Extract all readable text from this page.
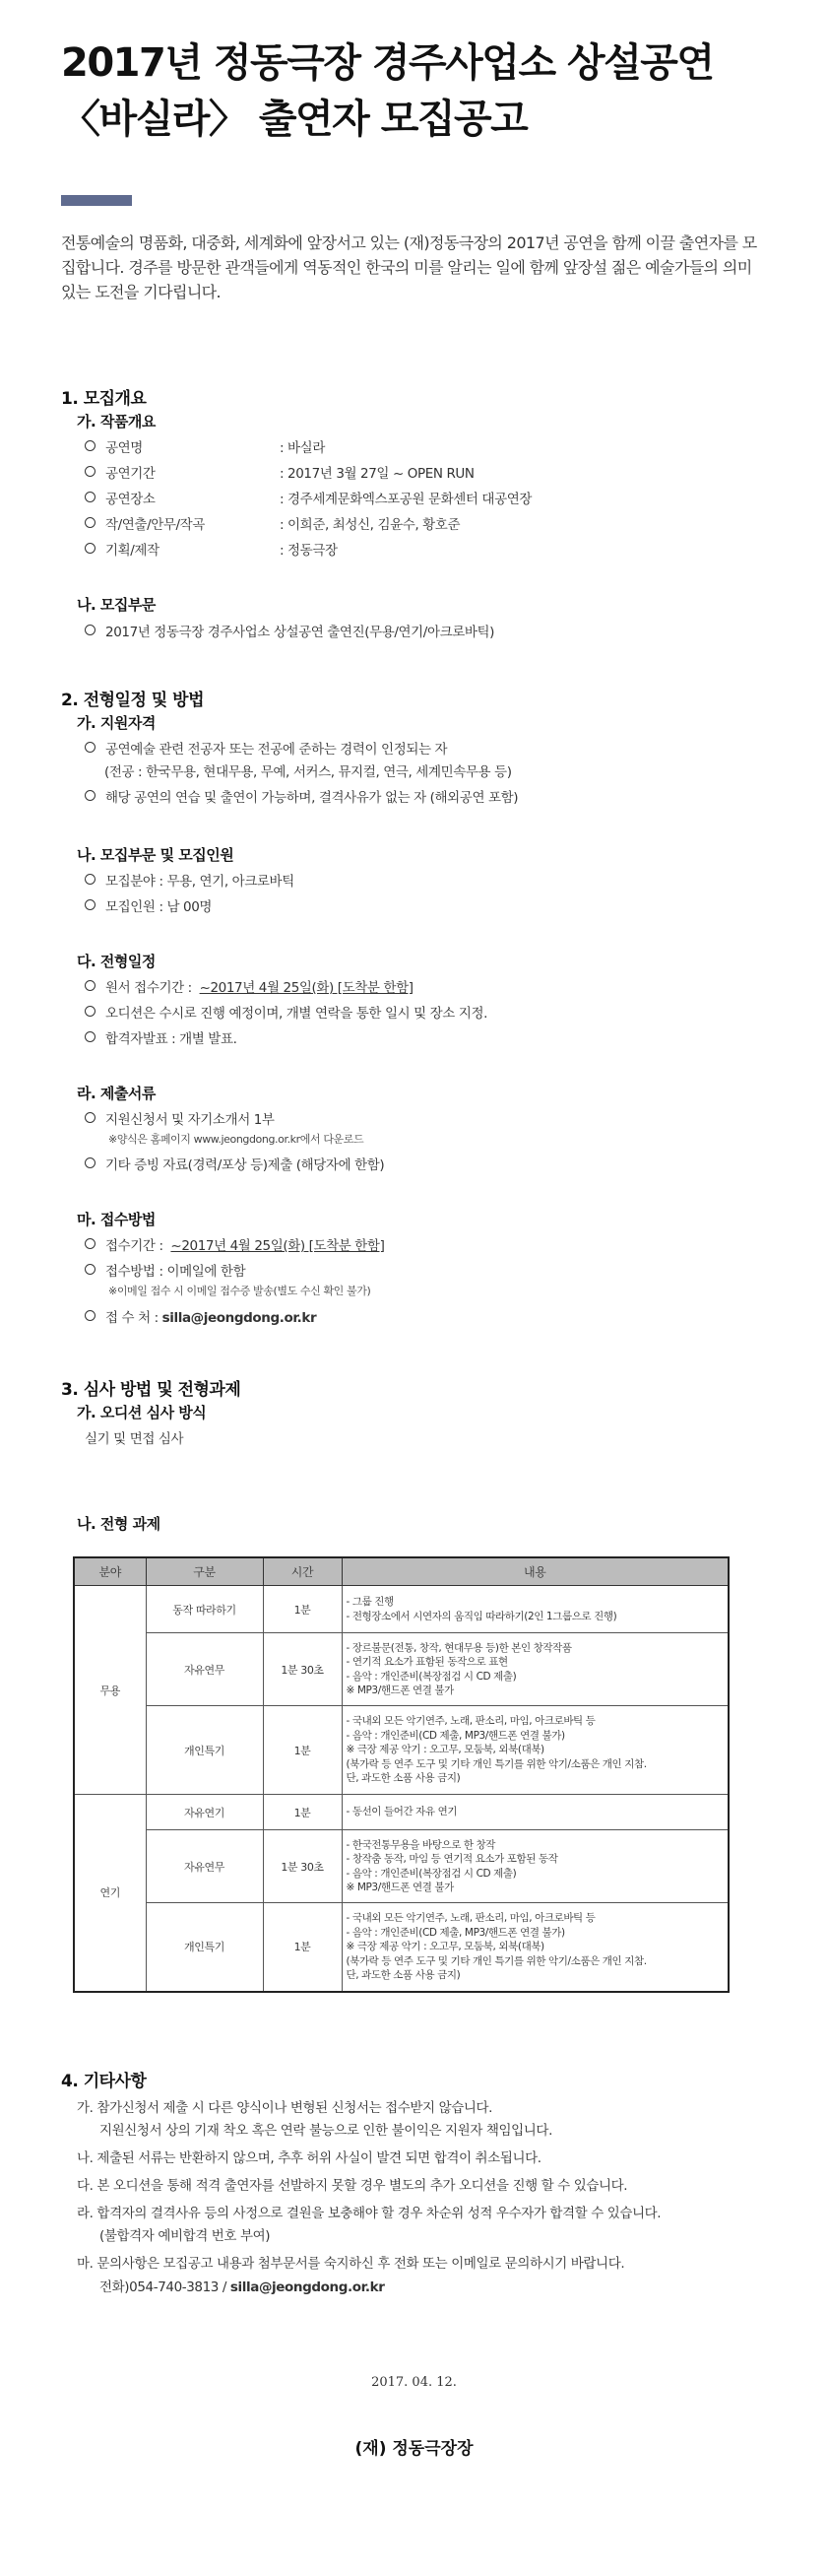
2017년 정동극장 경주사업소 상설공연
〈바실라〉 출연자 모집공고
전통예술의 명품화, 대중화, 세계화에 앞장서고 있는 (재)정동극장의 2017년 공연을 함께 이끌 출연자를 모집합니다. 경주를 방문한 관객들에게 역동적인 한국의 미를 알리는 일에 함께 앞장설 젊은 예술가들의 의미 있는 도전을 기다립니다.
1. 모집개요
가. 작품개요
공연명	: 바실라
공연기간	: 2017년 3월 27일 ~ OPEN RUN
공연장소	: 경주세계문화엑스포공원 문화센터 대공연장
작/연출/안무/작곡	: 이희준, 최성신, 김윤수, 황호준
기획/제작	: 정동극장
나. 모집부문
2017년 정동극장 경주사업소 상설공연 출연진(무용/연기/아크로바틱)
2. 전형일정 및 방법
가. 지원자격
공연예술 관련 전공자 또는 전공에 준하는 경력이 인정되는 자
(전공 : 한국무용, 현대무용, 무예, 서커스, 뮤지컬, 연극, 세계민속무용 등)
해당 공연의 연습 및 출연이 가능하며, 결격사유가 없는 자 (해외공연 포함)
나. 모집부문 및 모집인원
모집분야 : 무용, 연기, 아크로바틱
모집인원 : 남 00명
다. 전형일정
원서 접수기간 : ~2017년 4월 25일(화) [도착분 한함]
오디션은 수시로 진행 예정이며, 개별 연락을 통한 일시 및 장소 지정.
합격자발표 : 개별 발표.
라. 제출서류
지원신청서 및 자기소개서 1부
※양식은 홈페이지 www.jeongdong.or.kr에서 다운로드
기타 증빙 자료(경력/포상 등)제출 (해당자에 한함)
마. 접수방법
접수기간 : ~2017년 4월 25일(화) [도착분 한함]
접수방법 : 이메일에 한함
※이메일 접수 시 이메일 접수증 발송(별도 수신 확인 불가)
접 수 처 : silla@jeongdong.or.kr
3. 심사 방법 및 전형과제
가. 오디션 심사 방식
실기 및 면접 심사
나. 전형 과제
분야	구분	시간	내용
무용	동작 따라하기	1분	- 그룹 진행
- 전형장소에서 시연자의 움직임 따라하기(2인 1그룹으로 진행)

	자유연무	1분 30초	- 장르불문(전통, 창작, 현대무용 등)한 본인 창작작품
- 연기적 요소가 표함된 동작으로 표현
- 음악 : 개인준비(복장점검 시 CD 제출)
※ MP3/핸드폰 연결 불가

	개인특기	1분	- 국내외 모든 악기연주, 노래, 판소리, 마임, 아크로바틱 등
- 음악 : 개인준비(CD 제출, MP3/핸드폰 연결 불가)
※ 극장 제공 악기 : 오고무, 모둠북, 외북(대북)
(북가락 등 연주 도구 및 기타 개인 특기를 위한 악기/소품은 개인 지참.
단, 과도한 소품 사용 금지)

연기	자유연기	1분	- 동선이 들어간 자유 연기

	자유연무	1분 30초	- 한국전통무용을 바탕으로 한 창작
- 창작춤 동작, 마임 등 연기적 요소가 포함된 동작
- 음악 : 개인준비(복장점검 시 CD 제출)
※ MP3/핸드폰 연결 불가

	개인특기	1분	- 국내외 모든 악기연주, 노래, 판소리, 마임, 아크로바틱 등
- 음악 : 개인준비(CD 제출, MP3/핸드폰 연결 불가)
※ 극장 제공 악기 : 오고무, 모둠북, 외북(대북)
(북가락 등 연주 도구 및 기타 개인 특기를 위한 악기/소품은 개인 지참.
단, 과도한 소품 사용 금지)
4. 기타사항
가. 참가신청서 제출 시 다른 양식이나 변형된 신청서는 접수받지 않습니다.
지원신청서 상의 기재 착오 혹은 연락 불능으로 인한 불이익은 지원자 책임입니다.
나. 제출된 서류는 반환하지 않으며, 추후 허위 사실이 발견 되면 합격이 취소됩니다.
다. 본 오디션을 통해 적격 출연자를 선발하지 못할 경우 별도의 추가 오디션을 진행 할 수 있습니다.
라. 합격자의 결격사유 등의 사정으로 결원을 보충해야 할 경우 차순위 성적 우수자가 합격할 수 있습니다.
(불합격자 예비합격 번호 부여)
마. 문의사항은 모집공고 내용과 첨부문서를 숙지하신 후 전화 또는 이메일로 문의하시기 바랍니다.
전화)054-740-3813 / silla@jeongdong.or.kr
2017. 04. 12.
(재) 정동극장장
